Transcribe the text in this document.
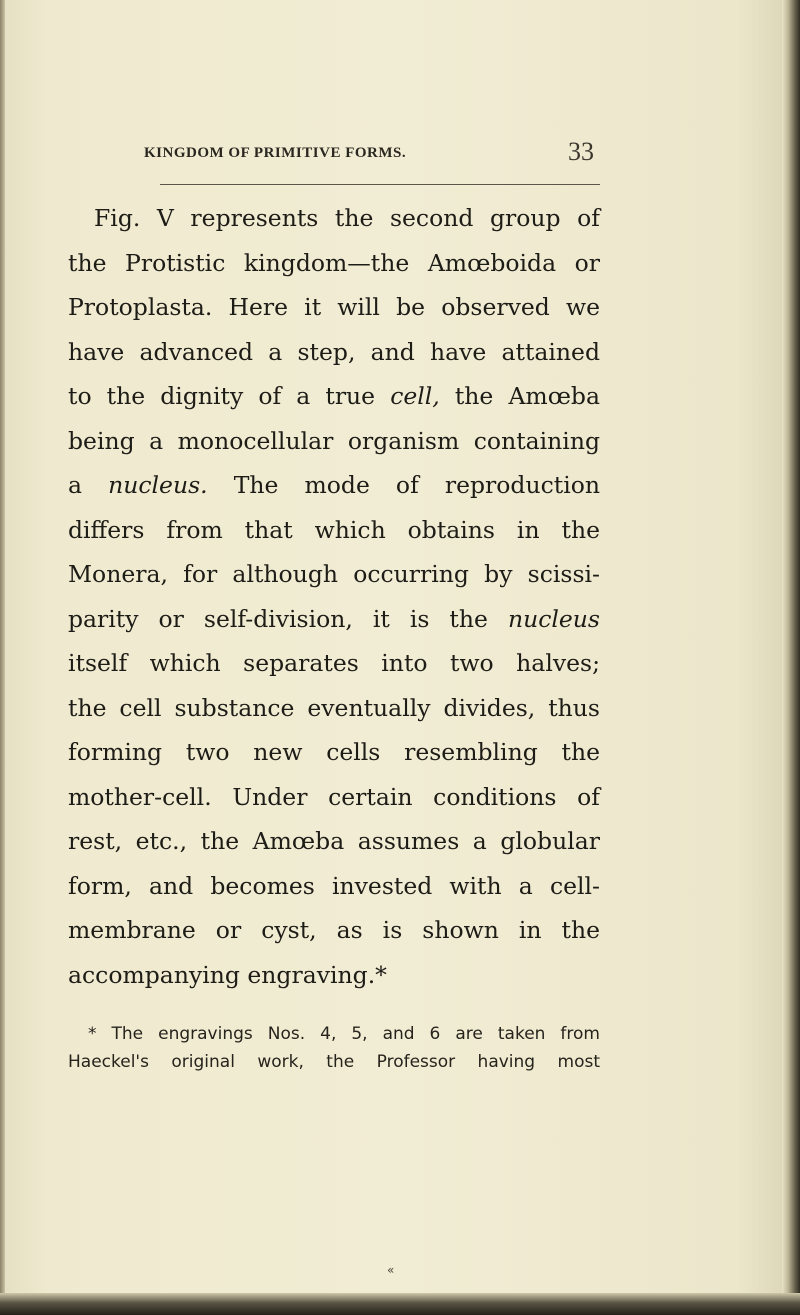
KINGDOM OF PRIMITIVE FORMS.	33
Fig. V represents the second group of
the Protistic kingdom—the Amœboida or
Protoplasta. Here it will be observed we
have advanced a step, and have attained
to the dignity of a true cell, the Amœba
being a monocellular organism containing
a nucleus. The mode of reproduction
differs from that which obtains in the
Monera, for although occurring by scissi-
parity or self-division, it is the nucleus
itself which separates into two halves;
the cell substance eventually divides, thus
forming two new cells resembling the
mother-cell. Under certain conditions of
rest, etc., the Amœba assumes a globular
form, and becomes invested with a cell-
membrane or cyst, as is shown in the
accompanying engraving.*
* The engravings Nos. 4, 5, and 6 are taken from
Haeckel's original work, the Professor having most
«
